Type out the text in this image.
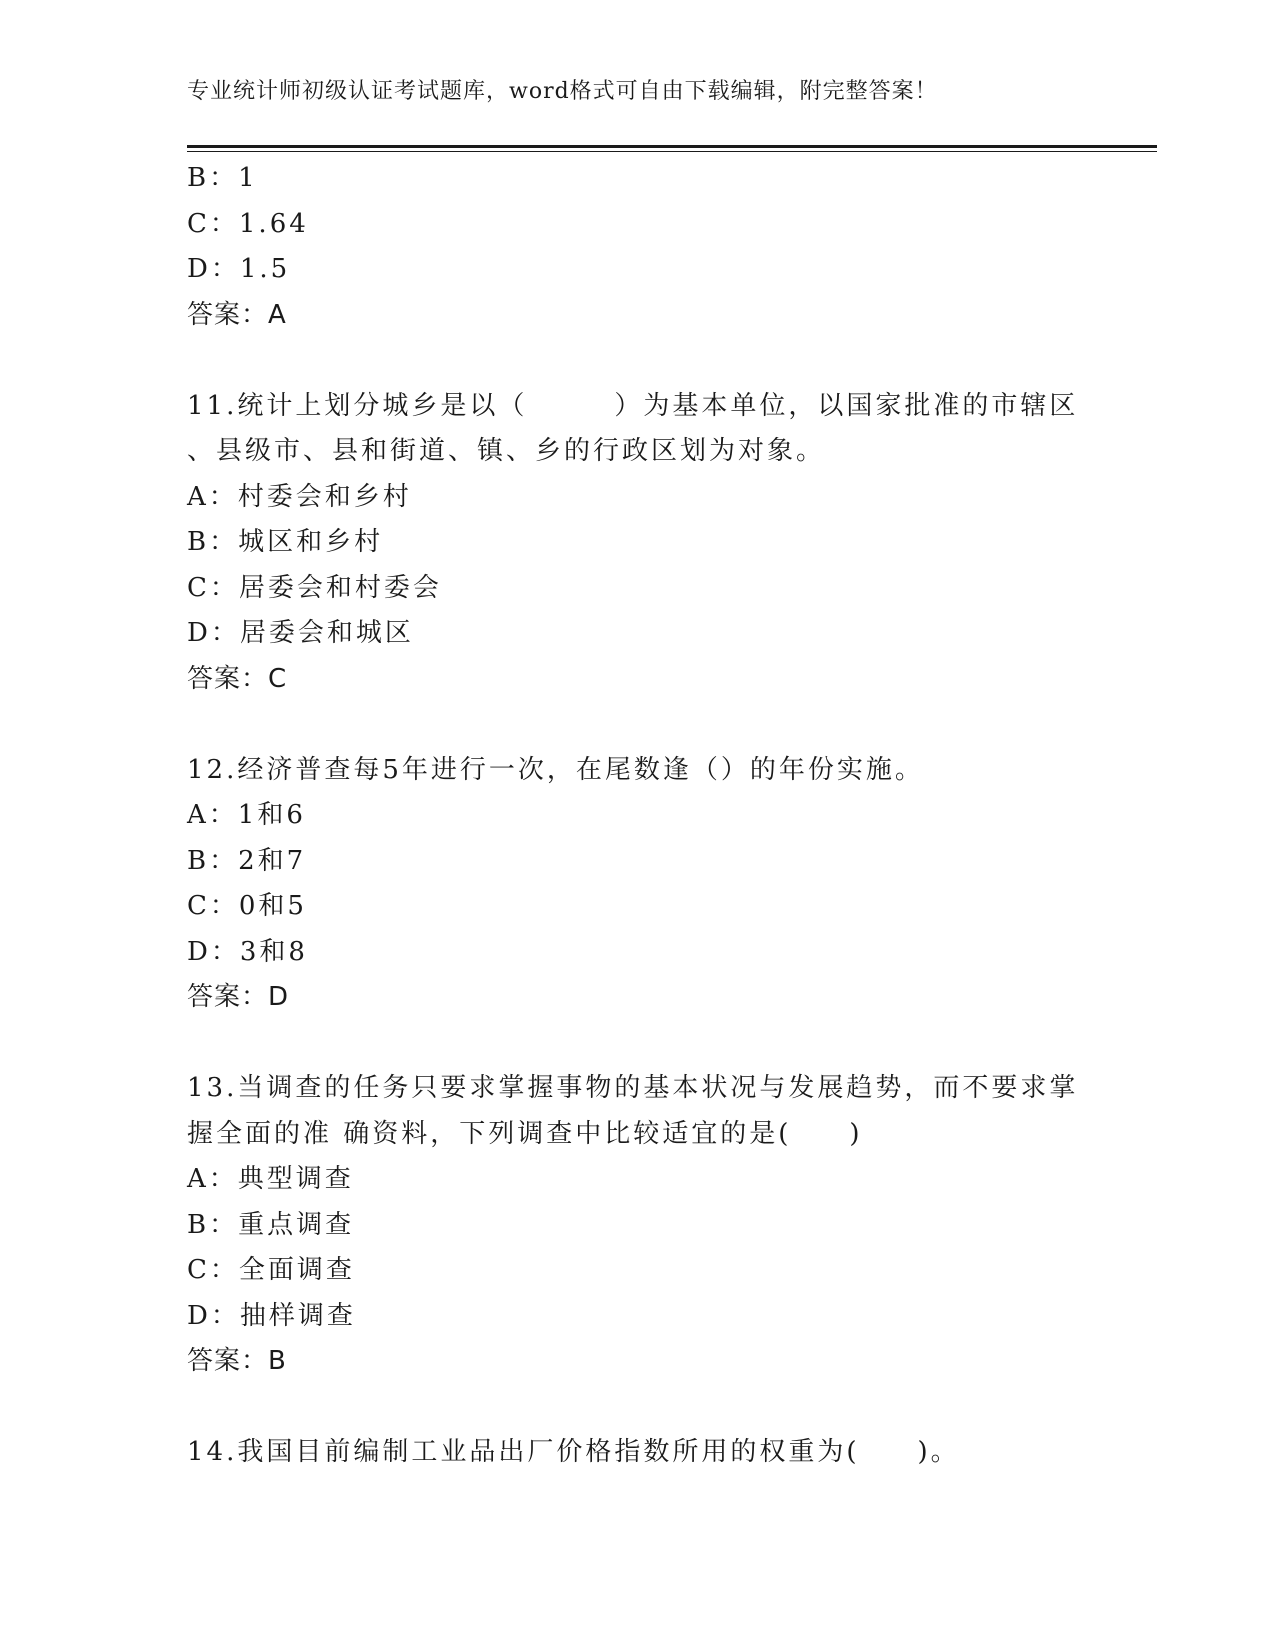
专业统计师初级认证考试题库，word格式可自由下载编辑，附完整答案！
B：1
C：1.64
D：1.5
答案：A
11.统计上划分城乡是以（　　　）为基本单位，以国家批准的市辖区
、县级市、县和街道、镇、乡的行政区划为对象。
A：村委会和乡村
B：城区和乡村
C：居委会和村委会
D：居委会和城区
答案：C
12.经济普查每5年进行一次，在尾数逢（）的年份实施。
A：1和6
B：2和7
C：0和5
D：3和8
答案：D
13.当调查的任务只要求掌握事物的基本状况与发展趋势，而不要求掌
握全面的准 确资料，下列调查中比较适宜的是(　　)
A：典型调查
B：重点调查
C：全面调查
D：抽样调查
答案：B
14.我国目前编制工业品出厂价格指数所用的权重为(　　)。
